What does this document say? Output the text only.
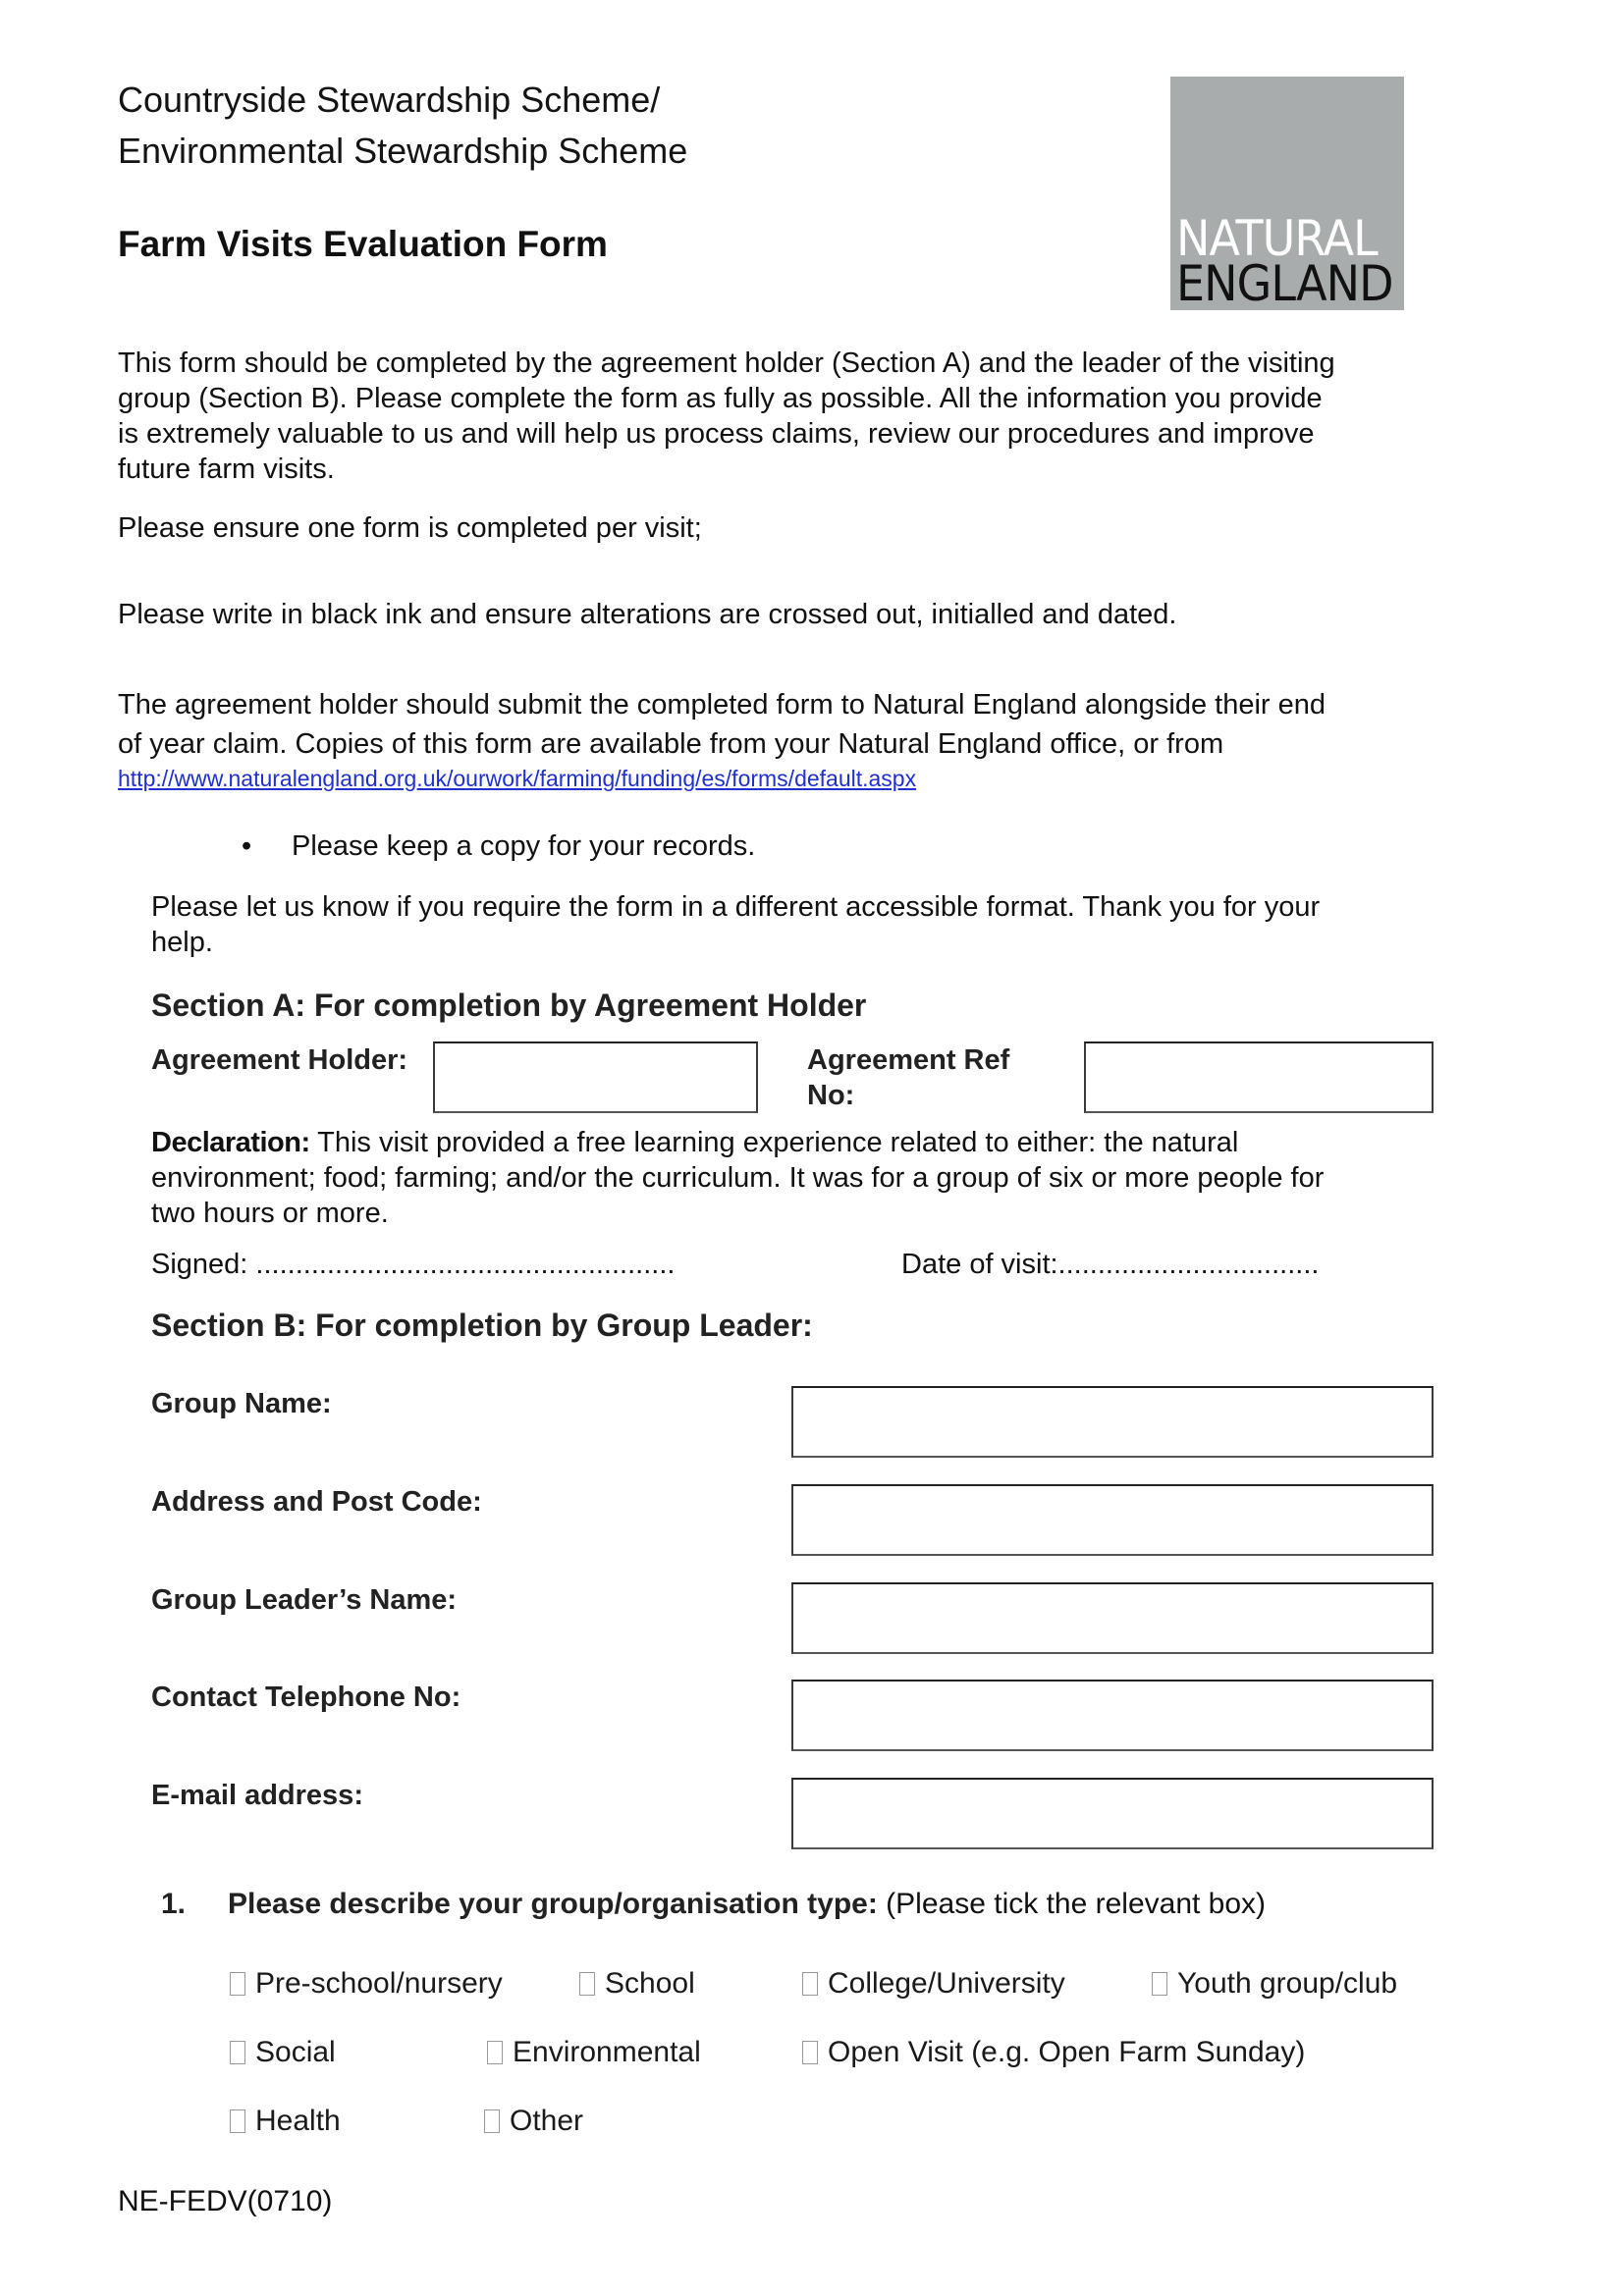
Countryside Stewardship Scheme/
Environmental Stewardship Scheme
Farm Visits Evaluation Form	NATURAL
ENGLAND
This form should be completed by the agreement holder (Section A) and the leader of the visiting
group (Section B). Please complete the form as fully as possible. All the information you provide
is extremely valuable to us and will help us process claims, review our procedures and improve
future farm visits.
Please ensure one form is completed per visit;
Please write in black ink and ensure alterations are crossed out, initialled and dated.
The agreement holder should submit the completed form to Natural England alongside their end
of year claim. Copies of this form are available from your Natural England office, or from
http://www.naturalengland.org.uk/ourwork/farming/funding/es/forms/default.aspx
• Please keep a copy for your records.
Please let us know if you require the form in a different accessible format. Thank you for your
help.
Section A: For completion by Agreement Holder
Agreement Holder:	Agreement Ref
No:
Declaration: This visit provided a free learning experience related to either: the natural
environment; food; farming; and/or the curriculum. It was for a group of six or more people for
two hours or more.
Signed: .....................................................	Date of visit:.................................
Section B: For completion by Group Leader:
Group Name:
Address and Post Code:
Group Leader’s Name:
Contact Telephone No:
E-mail address:
1. Please describe your group/organisation type: (Please tick the relevant box)
Pre-school/nursery	School	College/University	Youth group/club
Social	Environmental	Open Visit (e.g. Open Farm Sunday)
Health	Other
NE-FEDV(0710)
